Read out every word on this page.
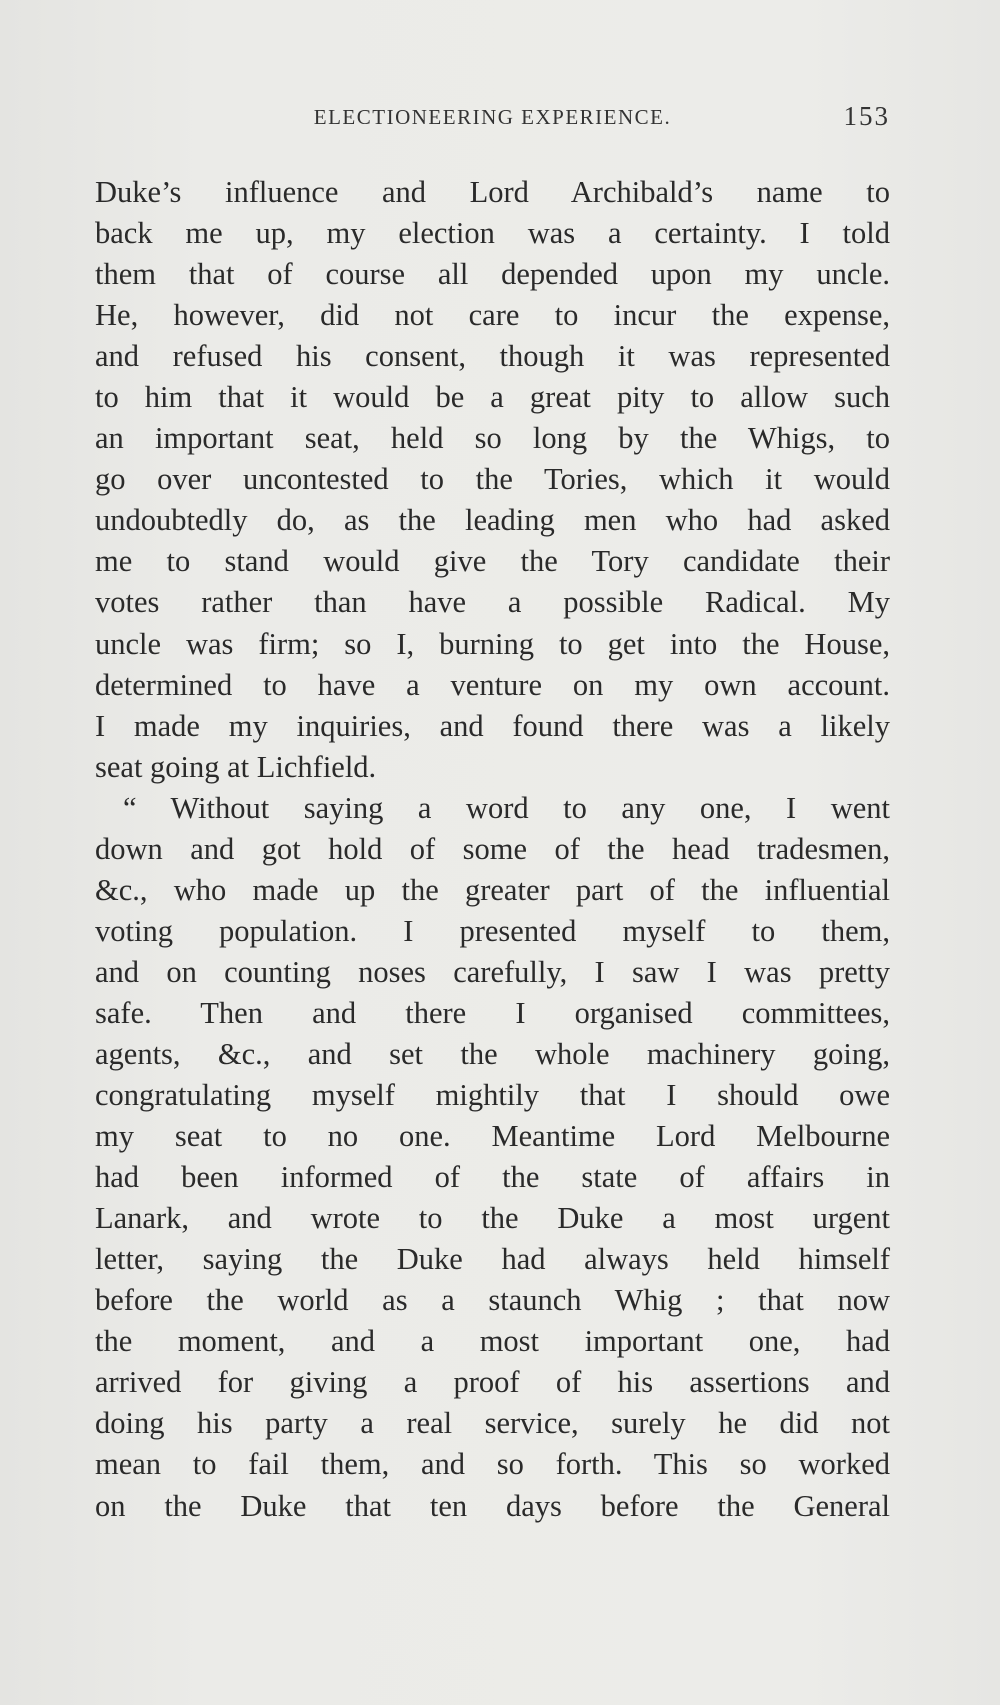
ELECTIONEERING EXPERIENCE.	153
Duke’s influence and Lord Archibald’s name to
back me up, my election was a certainty. I told
them that of course all depended upon my uncle.
He, however, did not care to incur the expense,
and refused his consent, though it was represented
to him that it would be a great pity to allow such
an important seat, held so long by the Whigs, to
go over uncontested to the Tories, which it would
undoubtedly do, as the leading men who had asked
me to stand would give the Tory candidate their
votes rather than have a possible Radical. My
uncle was firm; so I, burning to get into the House,
determined to have a venture on my own account.
I made my inquiries, and found there was a likely
seat going at Lichfield.
“ Without saying a word to any one, I went
down and got hold of some of the head tradesmen,
&c., who made up the greater part of the influential
voting population. I presented myself to them,
and on counting noses carefully, I saw I was pretty
safe. Then and there I organised committees,
agents, &c., and set the whole machinery going,
congratulating myself mightily that I should owe
my seat to no one. Meantime Lord Melbourne
had been informed of the state of affairs in
Lanark, and wrote to the Duke a most urgent
letter, saying the Duke had always held himself
before the world as a staunch Whig ; that now
the moment, and a most important one, had
arrived for giving a proof of his assertions and
doing his party a real service, surely he did not
mean to fail them, and so forth. This so worked
on the Duke that ten days before the General
